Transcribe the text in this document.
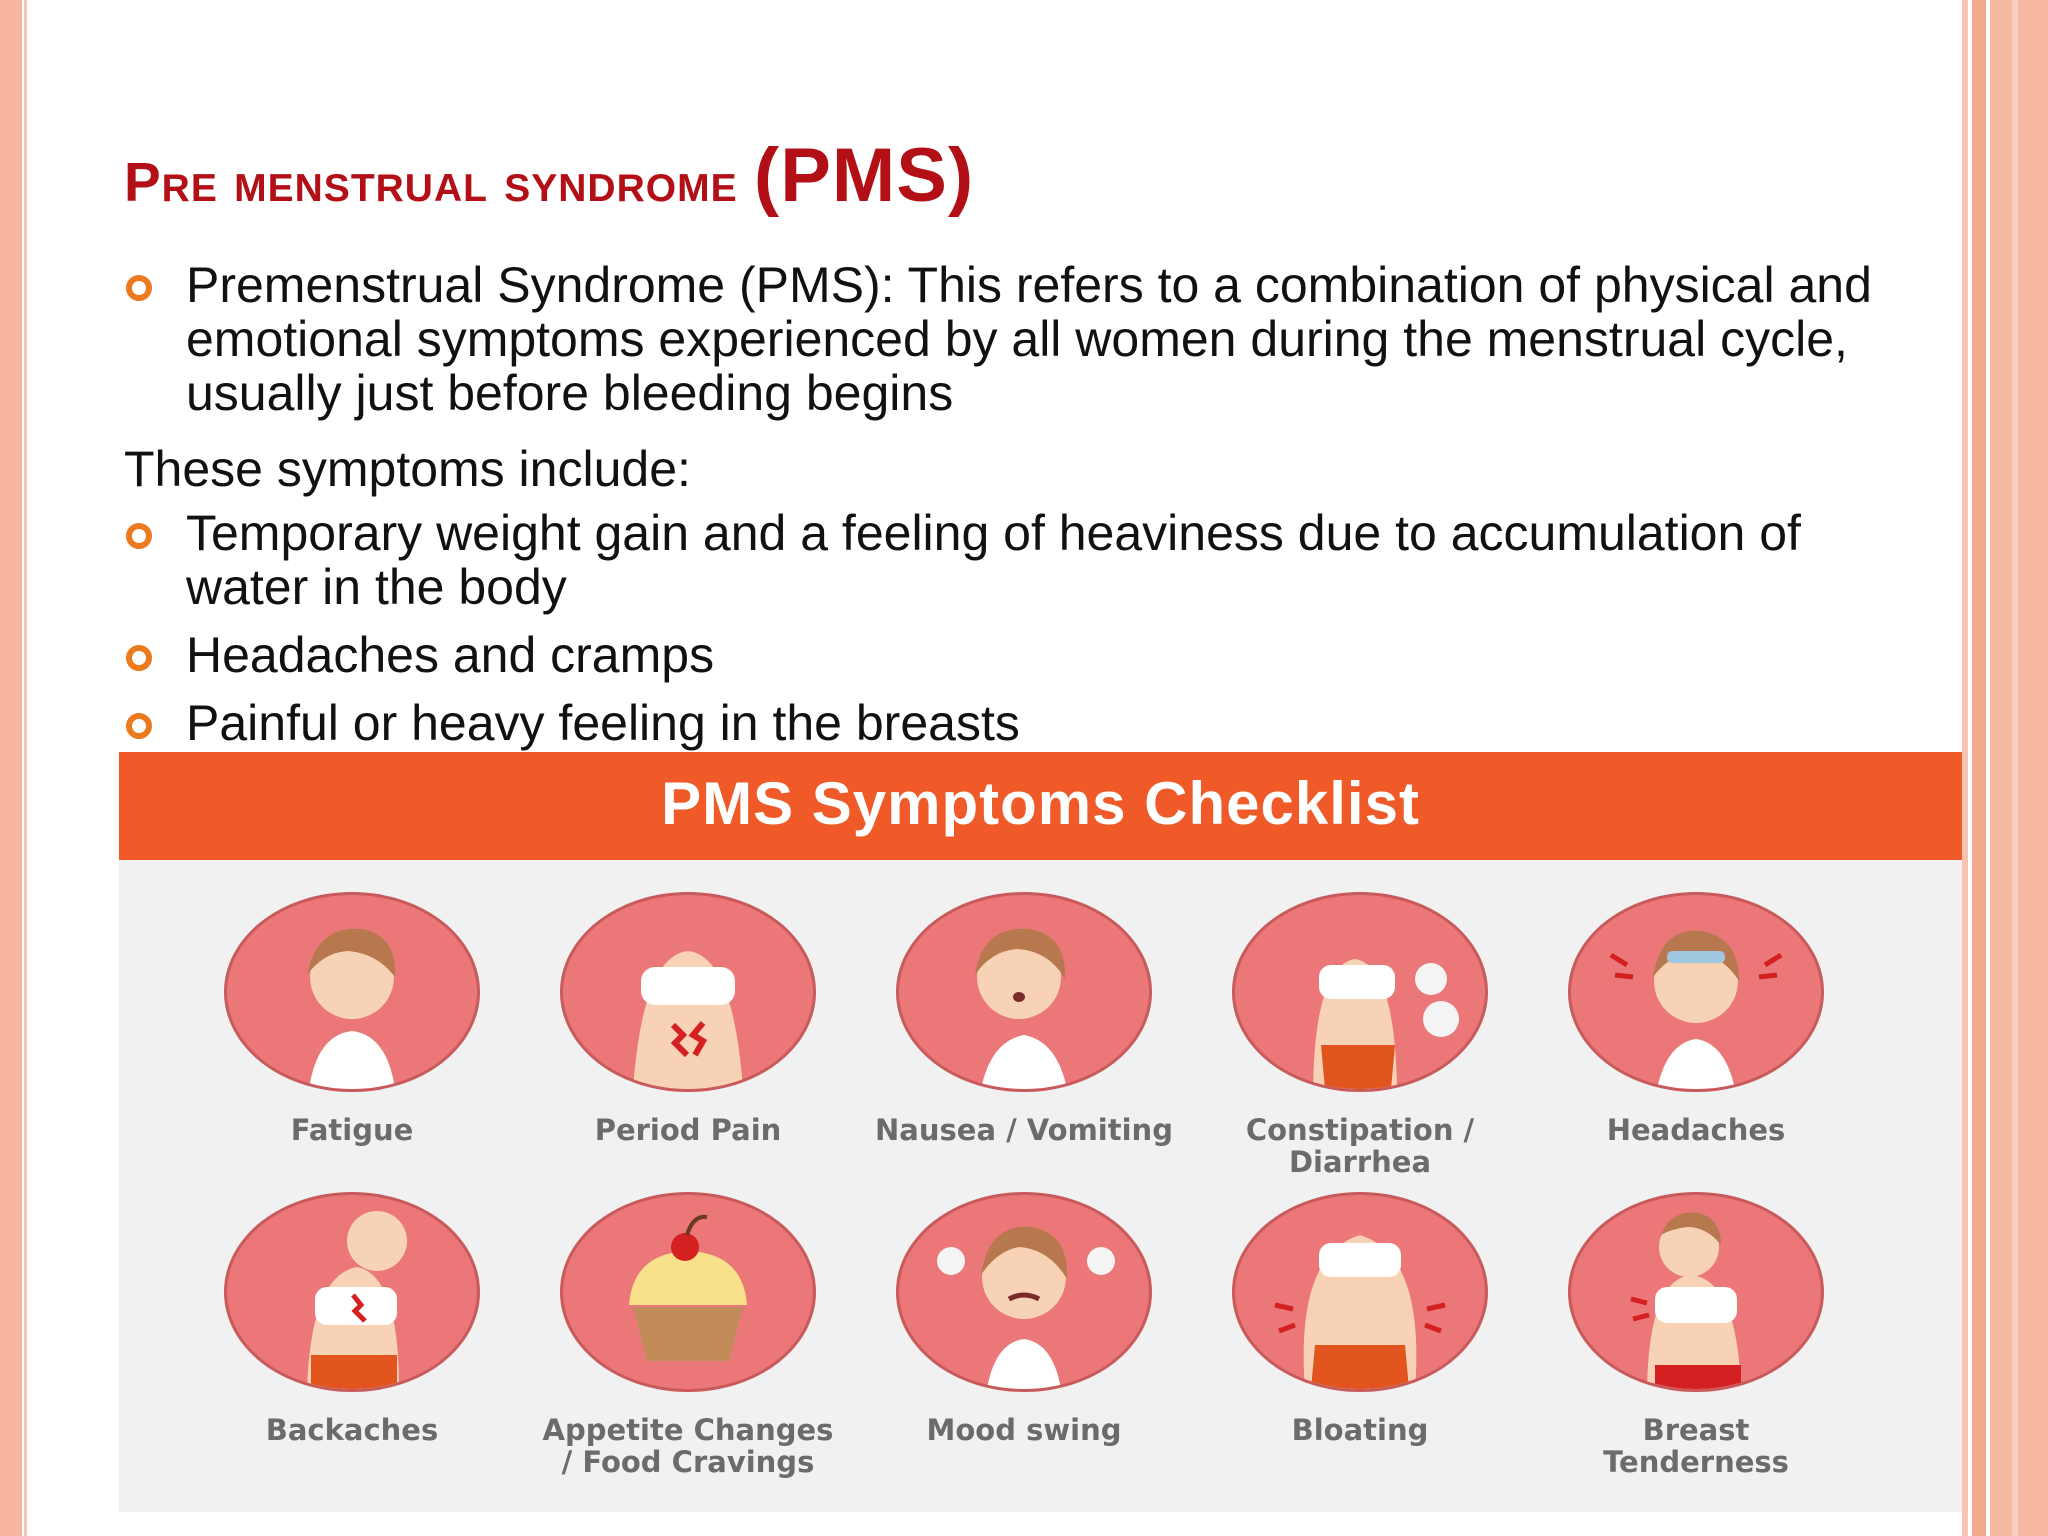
Pre menstrual syndrome (PMS)
Premenstrual Syndrome (PMS): This refers to a combination of physical and emotional symptoms experienced by all women during the menstrual cycle, usually just before bleeding begins
These symptoms include:
Temporary weight gain and a feeling of heaviness due to accumulation of water in the body
Headaches and cramps
Painful or heavy feeling in the breasts
PMS Symptoms Checklist
Fatigue	Period Pain	Nausea / Vomiting	Constipation / Diarrhea
Headaches
Backaches	Appetite Changes / Food Cravings
Mood swing	Bloating	Breast Tenderness
